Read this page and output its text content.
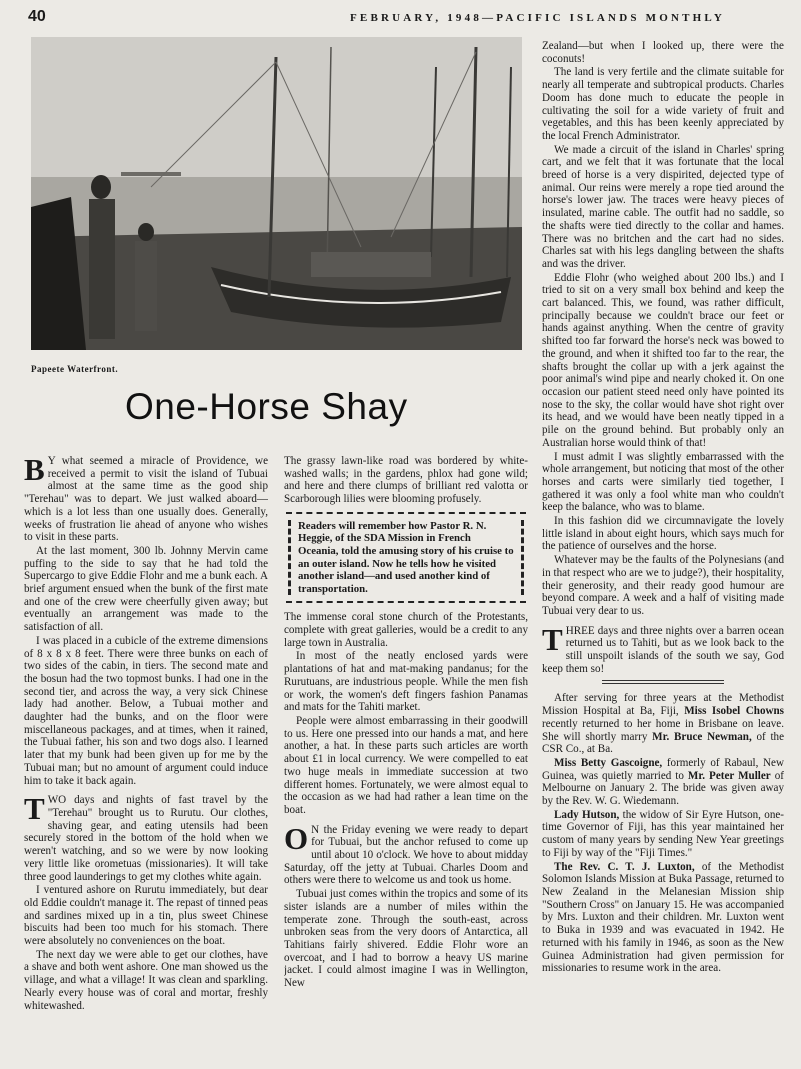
40	FEBRUARY, 1948—PACIFIC ISLANDS MONTHLY
Papeete Waterfront.
One-Horse Shay

B Y what seemed a miracle of Providence, we received a permit to visit the island of Tubuai almost at the same time as the good ship "Terehau" was to depart. We just walked aboard—which is a lot less than one usually does. Generally, weeks of frustration lie ahead of anyone who wishes to visit in these parts.

At the last moment, 300 lb. Johnny Mervin came puffing to the side to say that he had told the Supercargo to give Eddie Flohr and me a bunk each. A brief argument ensued when the bunk of the first mate and one of the crew were cheerfully given away; but eventually an arrangement was made to the satisfaction of all.

I was placed in a cubicle of the extreme dimensions of 8 x 8 x 8 feet. There were three bunks on each of two sides of the cabin, in tiers. The second mate and the bosun had the two topmost bunks. I had one in the second tier, and across the way, a very sick Chinese lady had another. Below, a Tubuai mother and daughter had the bunks, and on the floor were miscellaneous packages, and at times, when it rained, the Tubuai father, his son and two dogs also. I learned later that my bunk had been given up for me by the Tubuai man; but no amount of argument could induce him to take it back again.

TWO days and nights of fast travel by the "Terehau" brought us to Rurutu. Our clothes, shaving gear, and eating utensils had been securely stored in the bottom of the hold when we weren't watching, and so we were by now looking very little like orometuas (missionaries). It will take three good launderings to get my clothes white again.

I ventured ashore on Rurutu immediately, but dear old Eddie couldn't manage it. The repast of tinned peas and sardines mixed up in a tin, plus sweet Chinese biscuits had been too much for his stomach. There were absolutely no conveniences on the boat.

The next day we were able to get our clothes, have a shave and both went ashore. One man showed us the village, and what a village! It was clean and sparkling. Nearly every house was of coral and mortar, freshly whitewashed.

The grassy lawn-like road was bordered by white-washed walls; in the gardens, phlox had gone wild; and here and there clumps of brilliant red valotta or Scarborough lilies were blooming profusely.

Readers will remember how Pastor R. N. Heggie, of the SDA Mission in French Oceania, told the amusing story of his cruise to an outer island. Now he tells how he visited another island—and used another kind of transportation.

The immense coral stone church of the Protestants, complete with great galleries, would be a credit to any large town in Australia.

In most of the neatly enclosed yards were plantations of hat and mat-making pandanus; for the Rurutuans, are industrious people. While the men fish or work, the women's deft fingers fashion Panamas and mats for the Tahiti market.

People were almost embarrassing in their goodwill to us. Here one pressed into our hands a mat, and here another, a hat. In these parts such articles are worth about £1 in local currency. We were compelled to eat two huge meals in immediate succession at two different homes. Fortunately, we were almost equal to the occasion as we had had rather a lean time on the boat.

O N the Friday evening we were ready to depart for Tubuai, but the anchor refused to come up until about 10 o'clock. We hove to about midday Saturday, off the jetty at Tubuai. Charles Doom and others were there to welcome us and took us home.

Tubuai just comes within the tropics and some of its sister islands are a number of miles within the temperate zone. Through the south-east, across unbroken seas from the very doors of Antarctica, all Tahitians fairly shivered. Eddie Flohr wore an overcoat, and I had to borrow a heavy US marine jacket. I could almost imagine I was in Wellington, New

Zealand—but when I looked up, there were the coconuts!

The land is very fertile and the climate suitable for nearly all temperate and subtropical products. Charles Doom has done much to educate the people in cultivating the soil for a wide variety of fruit and vegetables, and this has been keenly appreciated by the local French Administrator.

We made a circuit of the island in Charles' spring cart, and we felt that it was fortunate that the local breed of horse is a very dispirited, dejected type of animal. Our reins were merely a rope tied around the horse's lower jaw. The traces were heavy pieces of insulated, marine cable. The outfit had no saddle, so the shafts were tied directly to the collar and hames. There was no britchen and the cart had no sides. Charles sat with his legs dangling between the shafts and was the driver.

Eddie Flohr (who weighed about 200 lbs.) and I tried to sit on a very small box behind and keep the cart balanced. This, we found, was rather difficult, principally because we couldn't brace our feet or hands against anything. When the centre of gravity shifted too far forward the horse's neck was bowed to the ground, and when it shifted too far to the rear, the shafts brought the collar up with a jerk against the poor animal's wind pipe and nearly choked it. On one occasion our patient steed need only have pointed its nose to the sky, the collar would have shot right over its head, and we would have been neatly tipped in a pile on the ground behind. But probably only an Australian horse would think of that!

I must admit I was slightly embarrassed with the whole arrangement, but noticing that most of the other horses and carts were similarly tied together, I gathered it was only a fool white man who couldn't keep the balance, who was to blame.

In this fashion did we circumnavigate the lovely little island in about eight hours, which says much for the patience of ourselves and the horse.

Whatever may be the faults of the Polynesians (and in that respect who are we to judge?), their hospitality, their generosity, and their ready good humour are beyond compare. A week and a half of visiting made Tubuai very dear to us.

THREE days and three nights over a barren ocean returned us to Tahiti, but as we look back to the still unspoilt islands of the south we say, God keep them so!

After serving for three years at the Methodist Mission Hospital at Ba, Fiji, Miss Isobel Chowns recently returned to her home in Brisbane on leave. She will shortly marry Mr. Bruce Newman, of the CSR Co., at Ba.

Miss Betty Gascoigne, formerly of Rabaul, New Guinea, was quietly married to Mr. Peter Muller of Melbourne on January 2. The bride was given away by the Rev. W. G. Wiedemann.

Lady Hutson, the widow of Sir Eyre Hutson, one-time Governor of Fiji, has this year maintained her custom of many years by sending New Year greetings to Fiji by way of the "Fiji Times."

The Rev. C. T. J. Luxton, of the Methodist Solomon Islands Mission at Buka Passage, returned to New Zealand in the Melanesian Mission ship "Southern Cross" on January 15. He was accompanied by Mrs. Luxton and their children. Mr. Luxton went to Buka in 1939 and was evacuated in 1942. He returned with his family in 1946, as soon as the New Guinea Administration had given permission for missionaries to resume work in the area.
